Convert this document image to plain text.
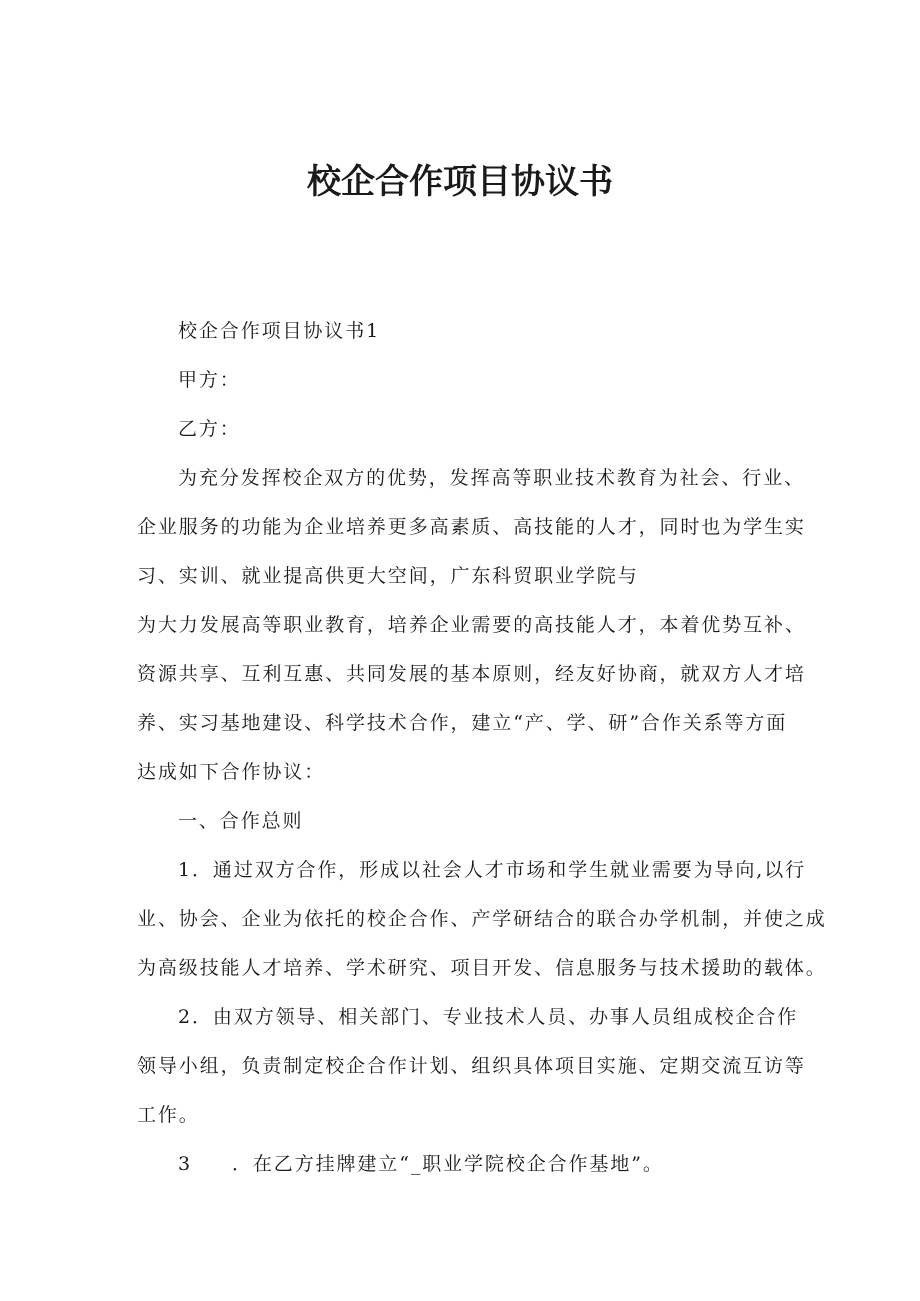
校企合作项目协议书

校企合作项目协议书1

甲方：

乙方：

为充分发挥校企双方的优势，发挥高等职业技术教育为社会、行业、

企业服务的功能为企业培养更多高素质、高技能的人才，同时也为学生实

习、实训、就业提高供更大空间，广东科贸职业学院与

为大力发展高等职业教育，培养企业需要的高技能人才，本着优势互补、

资源共享、互利互惠、共同发展的基本原则，经友好协商，就双方人才培

养、实习基地建设、科学技术合作，建立“产、学、研”合作关系等方面

达成如下合作协议：

一、合作总则

1．通过双方合作，形成以社会人才市场和学生就业需要为导向,以行

业、协会、企业为依托的校企合作、产学研结合的联合办学机制，并使之成

为高级技能人才培养、学术研究、项目开发、信息服务与技术援助的载体。

2．由双方领导、相关部门、专业技术人员、办事人员组成校企合作

领导小组，负责制定校企合作计划、组织具体项目实施、定期交流互访等

工作。

3 ．在乙方挂牌建立“_职业学院校企合作基地”。
